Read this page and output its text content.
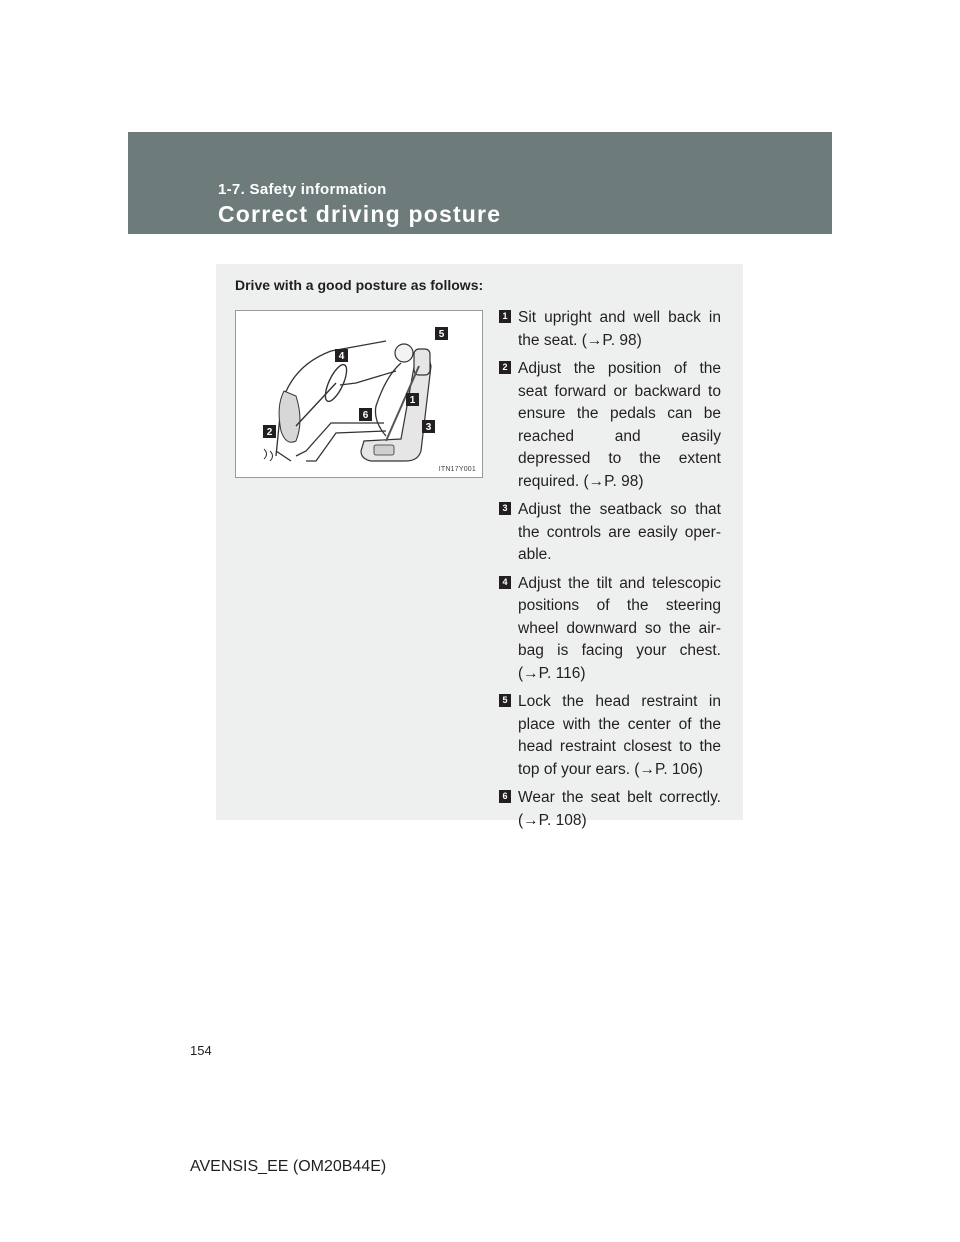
1-7. Safety information
Correct driving posture
Drive with a good posture as follows:
4
5
1
6
3
2
ITN17Y001
1 Sit upright and well back in the seat. (→P. 98)
2 Adjust the position of the seat forward or backward to ensure the pedals can be reached and easily depressed to the extent required. (→P. 98)
3 Adjust the seatback so that the controls are easily oper-able.
4 Adjust the tilt and telescopic positions of the steering wheel downward so the air-bag is facing your chest. (→P. 116)
5 Lock the head restraint in place with the center of the head restraint closest to the top of your ears. (→P. 106)
6 Wear the seat belt correctly. (→P. 108)
154
AVENSIS_EE (OM20B44E)
